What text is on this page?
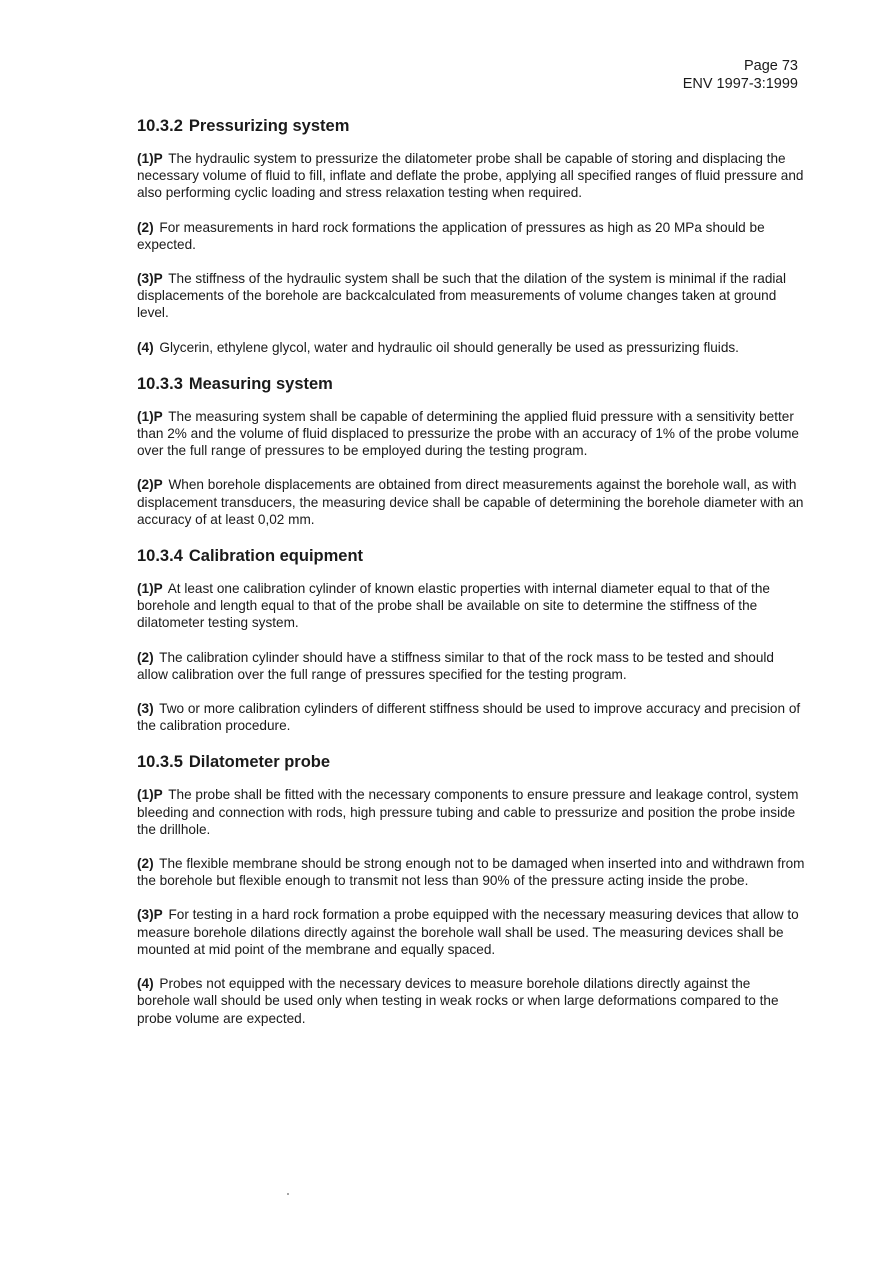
Page 73
ENV 1997-3:1999
10.3.2 Pressurizing system

(1)P The hydraulic system to pressurize the dilatometer probe shall be capable of storing and displacing the necessary volume of fluid to fill, inflate and deflate the probe, applying all specified ranges of fluid pressure and also performing cyclic loading and stress relaxation testing when required.

(2) For measurements in hard rock formations the application of pressures as high as 20 MPa should be expected.

(3)P The stiffness of the hydraulic system shall be such that the dilation of the system is minimal if the radial displacements of the borehole are backcalculated from measurements of volume changes taken at ground level.

(4) Glycerin, ethylene glycol, water and hydraulic oil should generally be used as pressurizing fluids.

10.3.3 Measuring system

(1)P The measuring system shall be capable of determining the applied fluid pressure with a sensitivity better than 2% and the volume of fluid displaced to pressurize the probe with an accuracy of 1% of the probe volume over the full range of pressures to be employed during the testing program.

(2)P When borehole displacements are obtained from direct measurements against the borehole wall, as with displacement transducers, the measuring device shall be capable of determining the borehole diameter with an accuracy of at least 0,02 mm.

10.3.4 Calibration equipment

(1)P At least one calibration cylinder of known elastic properties with internal diameter equal to that of the borehole and length equal to that of the probe shall be available on site to determine the stiffness of the dilatometer testing system.

(2) The calibration cylinder should have a stiffness similar to that of the rock mass to be tested and should allow calibration over the full range of pressures specified for the testing program.

(3) Two or more calibration cylinders of different stiffness should be used to improve accuracy and precision of the calibration procedure.

10.3.5 Dilatometer probe

(1)P The probe shall be fitted with the necessary components to ensure pressure and leakage control, system bleeding and connection with rods, high pressure tubing and cable to pressurize and position the probe inside the drillhole.

(2) The flexible membrane should be strong enough not to be damaged when inserted into and withdrawn from the borehole but flexible enough to transmit not less than 90% of the pressure acting inside the probe.

(3)P For testing in a hard rock formation a probe equipped with the necessary measuring devices that allow to measure borehole dilations directly against the borehole wall shall be used. The measuring devices shall be mounted at mid point of the membrane and equally spaced.

(4) Probes not equipped with the necessary devices to measure borehole dilations directly against the borehole wall should be used only when testing in weak rocks or when large deformations compared to the probe volume are expected.
